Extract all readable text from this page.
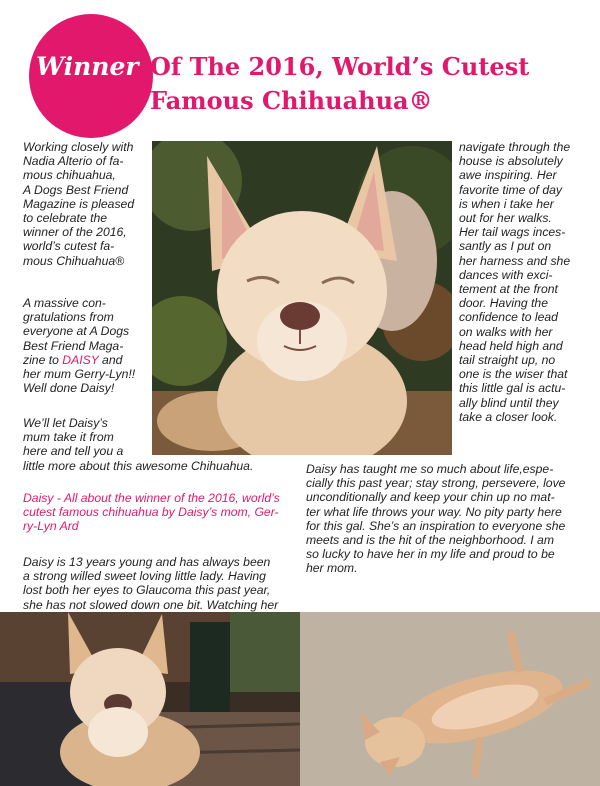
Winner Of The 2016, World’s Cutest
Famous Chihuahua®

Working closely with

Nadia Alterio of fa-

mous chihuahua,

A Dogs Best Friend

Magazine is pleased

to celebrate the

winner of the 2016,

world’s cutest fa-

mous Chihuahua®

A massive con-

gratulations from

everyone at A Dogs

Best Friend Maga-

zine to DAISY and

her mum Gerry-Lyn!!

Well done Daisy!

We’ll let Daisy’s

mum take it from

here and tell you a

little more about this awesome Chihuahua.

Daisy - All about the winner of the 2016, world’s

cutest famous chihuahua by Daisy’s mom, Ger-

ry-Lyn Ard

Daisy is 13 years young and has always been

a strong willed sweet loving little lady. Having

lost both her eyes to Glaucoma this past year,

she has not slowed down one bit. Watching her

navigate through the

house is absolutely

awe inspiring. Her

favorite time of day

is when i take her

out for her walks.

Her tail wags inces-

santly as I put on

her harness and she

dances with exci-

tement at the front

door. Having the

confidence to lead

on walks with her

head held high and

tail straight up, no

one is the wiser that

this little gal is actu-

ally blind until they

take a closer look.

Daisy has taught me so much about life,espe-

cially this past year; stay strong, persevere, love

unconditionally and keep your chin up no mat-

ter what life throws your way. No pity party here

for this gal. She’s an inspiration to everyone she

meets and is the hit of the neighborhood. I am

so lucky to have her in my life and proud to be

her mom.
